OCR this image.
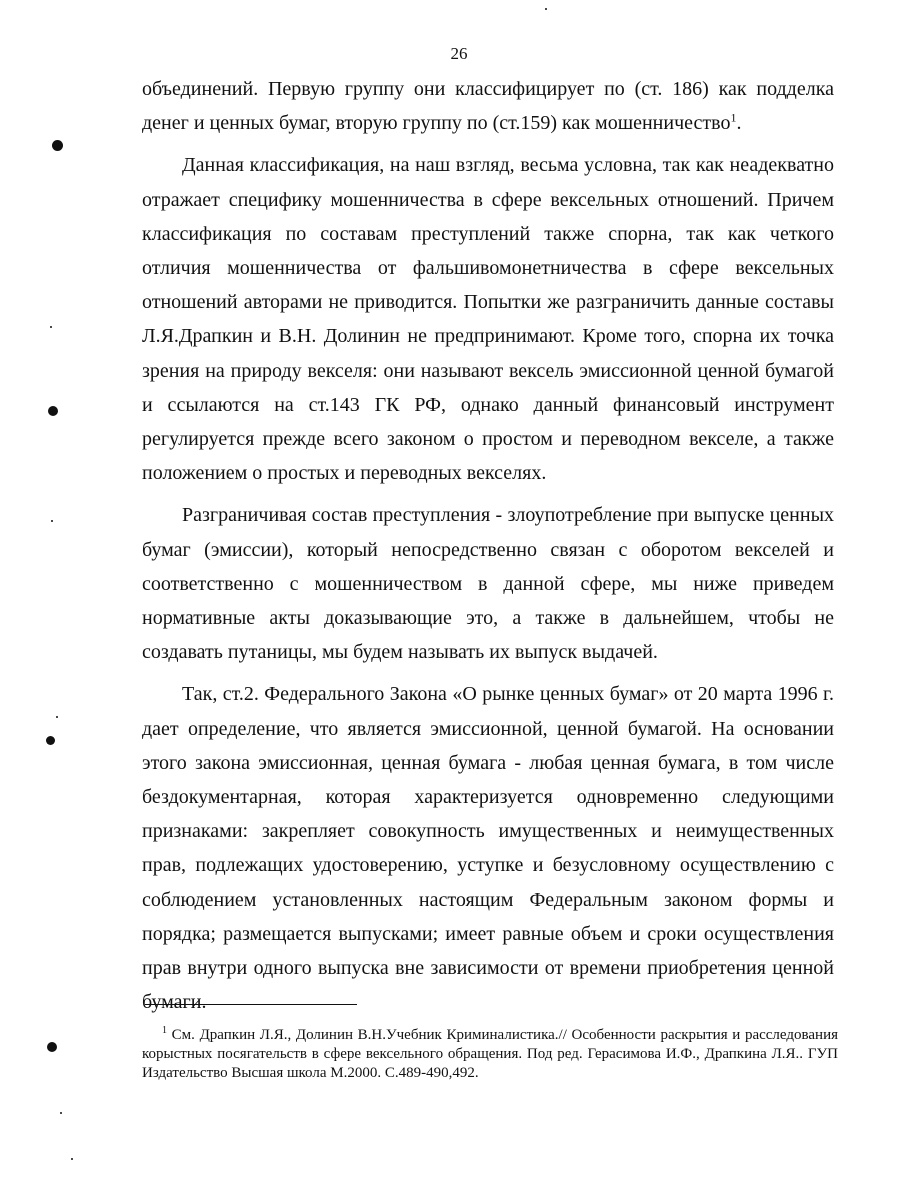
26

объединений. Первую группу они классифицирует по (ст. 186) как подделка денег и ценных бумаг, вторую группу по (ст.159) как мошенничество$^1$.

Данная классификация, на наш взгляд, весьма условна, так как неадекватно отражает специфику мошенничества в сфере вексельных отношений. Причем классификация по составам преступлений также спорна, так как четкого отличия мошенничества от фальшивомонетничества в сфере вексельных отношений авторами не приводится. Попытки же разграничить данные составы Л.Я.Драпкин и В.Н. Долинин не предпринимают. Кроме того, спорна их точка зрения на природу векселя: они называют вексель эмиссионной ценной бумагой и ссылаются на ст.143 ГК РФ, однако данный финансовый инструмент регулируется прежде всего законом о простом и переводном векселе, а также положением о простых и переводных векселях.

Разграничивая состав преступления - злоупотребление при выпуске ценных бумаг (эмиссии), который непосредственно связан с оборотом векселей и соответственно с мошенничеством в данной сфере, мы ниже приведем нормативные акты доказывающие это, а также в дальнейшем, чтобы не создавать путаницы, мы будем называть их выпуск выдачей.

Так, ст.2. Федерального Закона «О рынке ценных бумаг» от 20 марта 1996 г. дает определение, что является эмиссионной, ценной бумагой. На основании этого закона эмиссионная, ценная бумага - любая ценная бумага, в том числе бездокументарная, которая характеризуется одновременно следующими признаками: закрепляет совокупность имущественных и неимущественных прав, подлежащих удостоверению, уступке и безусловному осуществлению с соблюдением установленных настоящим Федеральным законом формы и порядка; размещается выпусками; имеет равные объем и сроки осуществления прав внутри одного выпуска вне зависимости от времени приобретения ценной бумаги.

$^1$ См. Драпкин Л.Я., Долинин В.Н.Учебник Криминалистика.// Особенности раскрытия и расследования корыстных посягательств в сфере вексельного обращения. Под ред. Герасимова И.Ф., Драпкина Л.Я.. ГУП Издательство Высшая школа М.2000. С.489-490,492.
